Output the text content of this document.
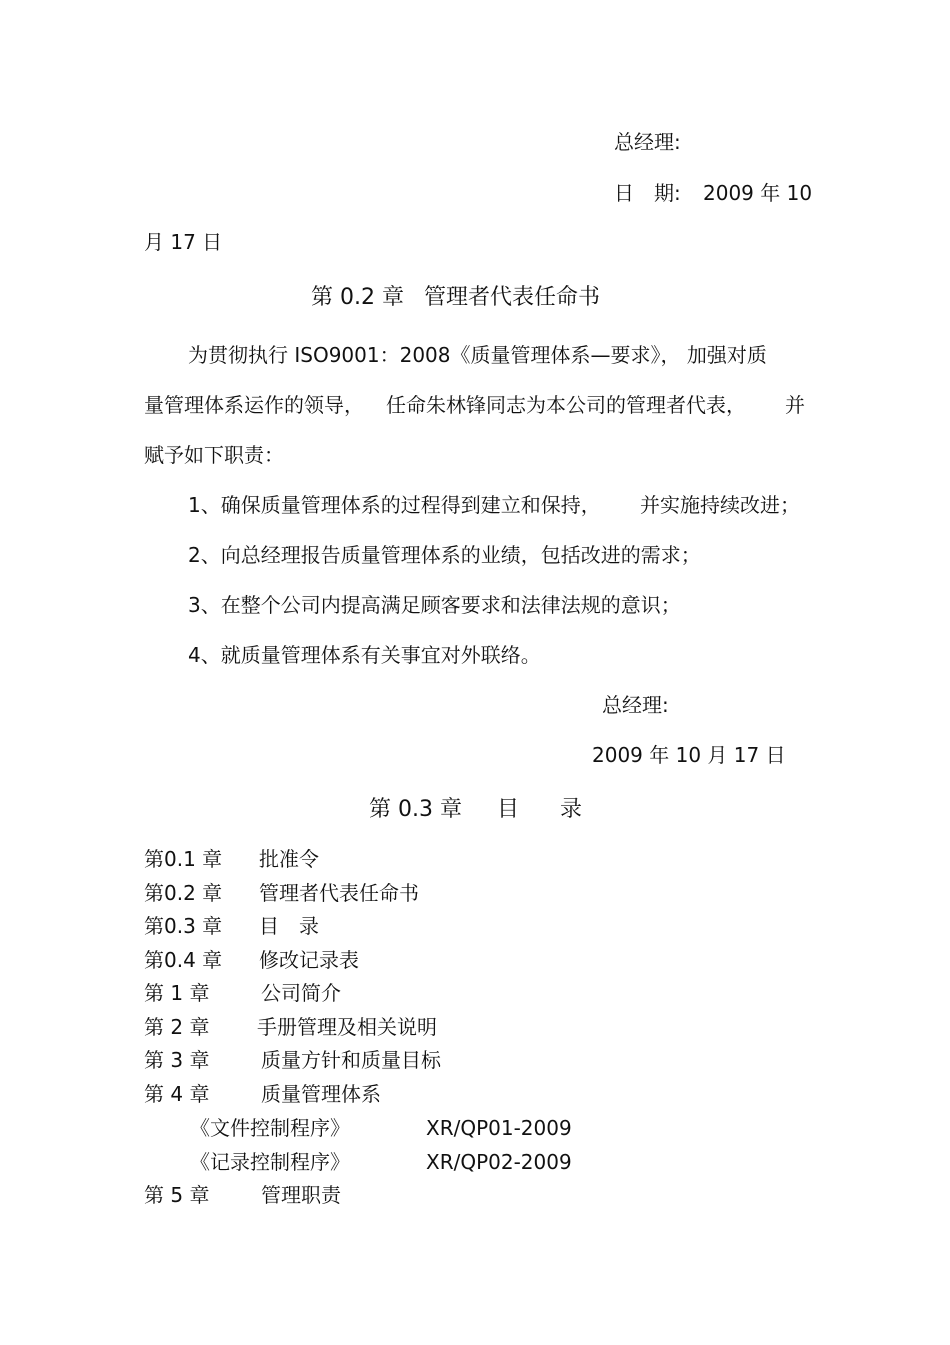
总经理:
日　期: 2009 年 10
月 17 日
第 0.2 章 管理者代表任命书
为贯彻执行 ISO9001：2008《质量管理体系—要求》， 加强对质
量管理体系运作的领导， 任命朱林锋同志为本公司的管理者代表， 并
赋予如下职责：
1、确保质量管理体系的过程得到建立和保持， 并实施持续改进；
2、向总经理报告质量管理体系的业绩，包括改进的需求；
3、在整个公司内提高满足顾客要求和法律法规的意识；
4、就质量管理体系有关事宜对外联络。
总经理:
2009 年 10 月 17 日
第 0.3 章 目 录
第0.1 章 批准令
第0.2 章 管理者代表任命书
第0.3 章 目　录
第0.4 章 修改记录表
第 1 章	公司简介
第 2 章 手册管理及相关说明
第 3 章	质量方针和质量目标
第 4 章	质量管理体系
《文件控制程序》	XR/QP01-2009
《记录控制程序》	XR/QP02-2009
第 5 章	管理职责
